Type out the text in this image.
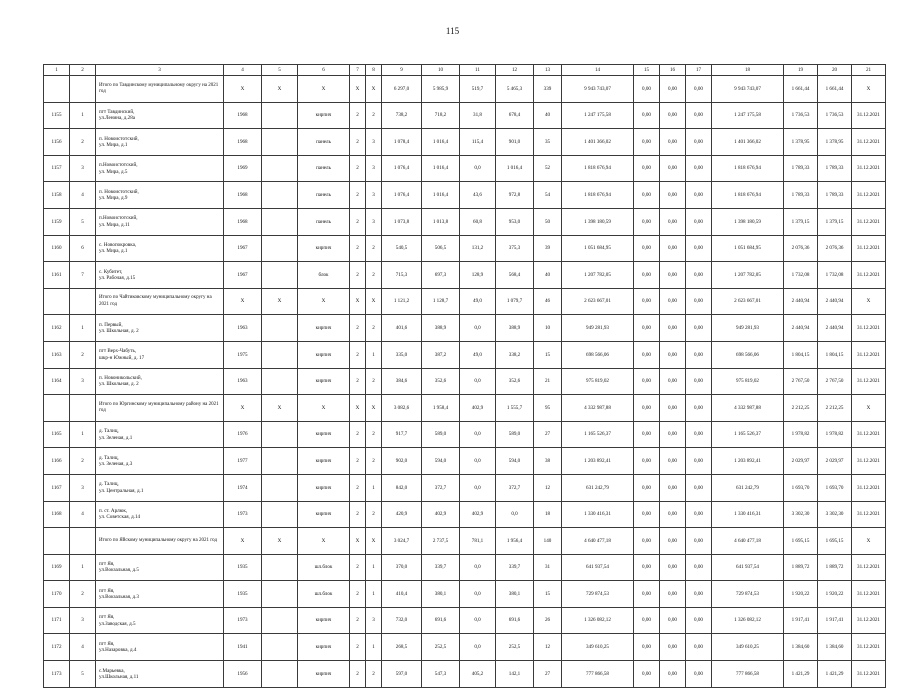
115
1	2	3	4	5	6	7	8	9	10	11	12	13	14	15	16	17	18	19	20	21
		Итого по Тавдинскому муниципальному округу на 2021 год	X	X	X	X	X	6 297,0	5 985,9	519,7	5 465,3	339	9 943 743,07	0,00	0,00	0,00	9 943 743,07	1 661,44	1 661,44	X
1155	1	пгт Тавдинский,
ул.Ленина, д.28а	1968		кирпич	2	2	738,2	718,2	31,8	678,4	40	1 247 175,58	0,00	0,00	0,00	1 247 175,58	1 736,53	1 736,53	31.12.2021
1156	2	п. Новоистотский,
ул. Мира, д.1	1968		панель	2	3	1 078,4	1 016,4	115,4	901,0	35	1 401 366,02	0,00	0,00	0,00	1 401 366,02	1 378,95	1 378,95	31.12.2021
1157	3	п.Новоистотский,
ул. Мира, д.5	1969		панель	2	3	1 076,4	1 016,4	0,0	1 016,4	52	1 818 676,94	0,00	0,00	0,00	1 818 676,94	1 789,33	1 789,33	31.12.2021
1158	4	п. Новоистотский,
ул. Мира, д.9	1968		панель	2	3	1 076,4	1 016,4	43,6	972,8	54	1 818 676,94	0,00	0,00	0,00	1 818 676,94	1 789,33	1 789,33	31.12.2021
1159	5	п.Новоистотский,
ул. Мира, д.11	1968		панель	2	3	1 073,8	1 013,8	60,8	953,0	50	1 398 180,59	0,00	0,00	0,00	1 398 180,59	1 379,15	1 379,15	31.12.2021
1160	6	с. Новопокровка,
ул. Мира, д.1	1967		кирпич	2	2	540,5	506,5	131,2	375,3	39	1 051 684,95	0,00	0,00	0,00	1 051 684,95	2 076,36	2 076,36	31.12.2021
1161	7	с. Кубитет,
ул. Рабочая, д.15	1967		блок	2	2	715,3	697,3	128,9	568,4	40	1 207 782,05	0,00	0,00	0,00	1 207 782,05	1 732,08	1 732,08	31.12.2021
		Итого по Чайтиковскому муниципальному округу на 2021 год	X	X	X	X	X	1 121,2	1 128,7	49,0	1 079,7	46	2 623 667,01	0,00	0,00	0,00	2 623 667,01	2 440,94	2 440,94	X
1162	1	п. Первый,
ул. Школьная, д. 2	1963		кирпич	2	2	401,6	388,9	0,0	388,9	10	949 281,93	0,00	0,00	0,00	949 281,93	2 440,94	2 440,94	31.12.2021
1163	2	пгт Верх-Чабуть,
шкр-н Южный, д. 17	1975		кирпич	2	1	335,0	387,2	49,0	338,2	15	698 566,06	0,00	0,00	0,00	698 566,06	1 804,15	1 804,15	31.12.2021
1164	3	п. Новоникольский,
ул. Школьная, д. 2	1963		кирпич	2	2	384,6	352,6	0,0	352,6	21	975 819,02	0,00	0,00	0,00	975 819,02	2 767,50	2 767,50	31.12.2021
		Итого по Юргинскому муниципальному району на 2021 год	X	X	X	X	X	3 082,6	1 958,4	402,9	1 555,7	95	4 332 987,88	0,00	0,00	0,00	4 332 987,88	2 212,25	2 212,25	X
1165	1	д. Талиц,
ул. Зеленая, д.1	1976		кирпич	2	2	917,7	589,0	0,0	589,0	27	1 165 526,37	0,00	0,00	0,00	1 165 526,37	1 978,82	1 978,82	31.12.2021
1166	2	д. Талиц,
ул. Зеленая, д.3	1977		кирпич	2	2	902,0	594,0	0,0	594,0	38	1 203 892,41	0,00	0,00	0,00	1 203 892,41	2 029,97	2 029,97	31.12.2021
1167	3	д. Талиц,
ул. Центральная, д.1	1974		кирпич	2	1	842,0	372,7	0,0	372,7	12	631 242,79	0,00	0,00	0,00	631 242,79	1 693,70	1 693,70	31.12.2021
1168	4	п. ст. Арлюк,
ул. Советская, д.14	1973		кирпич	2	2	420,9	402,9	402,9	0,0	18	1 330 416,31	0,00	0,00	0,00	1 330 416,31	3 302,30	3 302,30	31.12.2021
		Итого по Яйскому муниципальному округу на 2021 год	X	X	X	X	X	3 024,7	2 737,5	781,1	1 956,4	140	4 640 477,18	0,00	0,00	0,00	4 640 477,18	1 695,15	1 695,15	X
1169	1	пгт Яя,
ул.Вокзальная, д.5	1935		шл.блок	2	1	370,0	339,7	0,0	339,7	31	641 937,54	0,00	0,00	0,00	641 937,54	1 889,72	1 889,72	31.12.2021
1170	2	пгт Яя,
ул.Вокзальная, д.3	1935		шл.блок	2	1	410,4	380,1	0,0	380,1	15	729 874,53	0,00	0,00	0,00	729 874,53	1 920,22	1 920,22	31.12.2021
1171	3	пгт Яя,
ул.Заводская, д.5	1973		кирпич	2	3	732,0	691,6	0,0	691,6	26	1 326 082,12	0,00	0,00	0,00	1 326 082,12	1 917,41	1 917,41	31.12.2021
1172	4	пгт Яя,
ул.Назаровка, д.4	1941		кирпич	2	1	268,5	252,5	0,0	252,5	12	349 610,25	0,00	0,00	0,00	349 610,25	1 384,60	1 384,60	31.12.2021
1173	5	с.Марьевка,
ул.Школьная, д.11	1956		кирпич	2	2	597,0	547,3	405,2	142,1	27	777 866,58	0,00	0,00	0,00	777 866,58	1 421,29	1 421,29	31.12.2021
